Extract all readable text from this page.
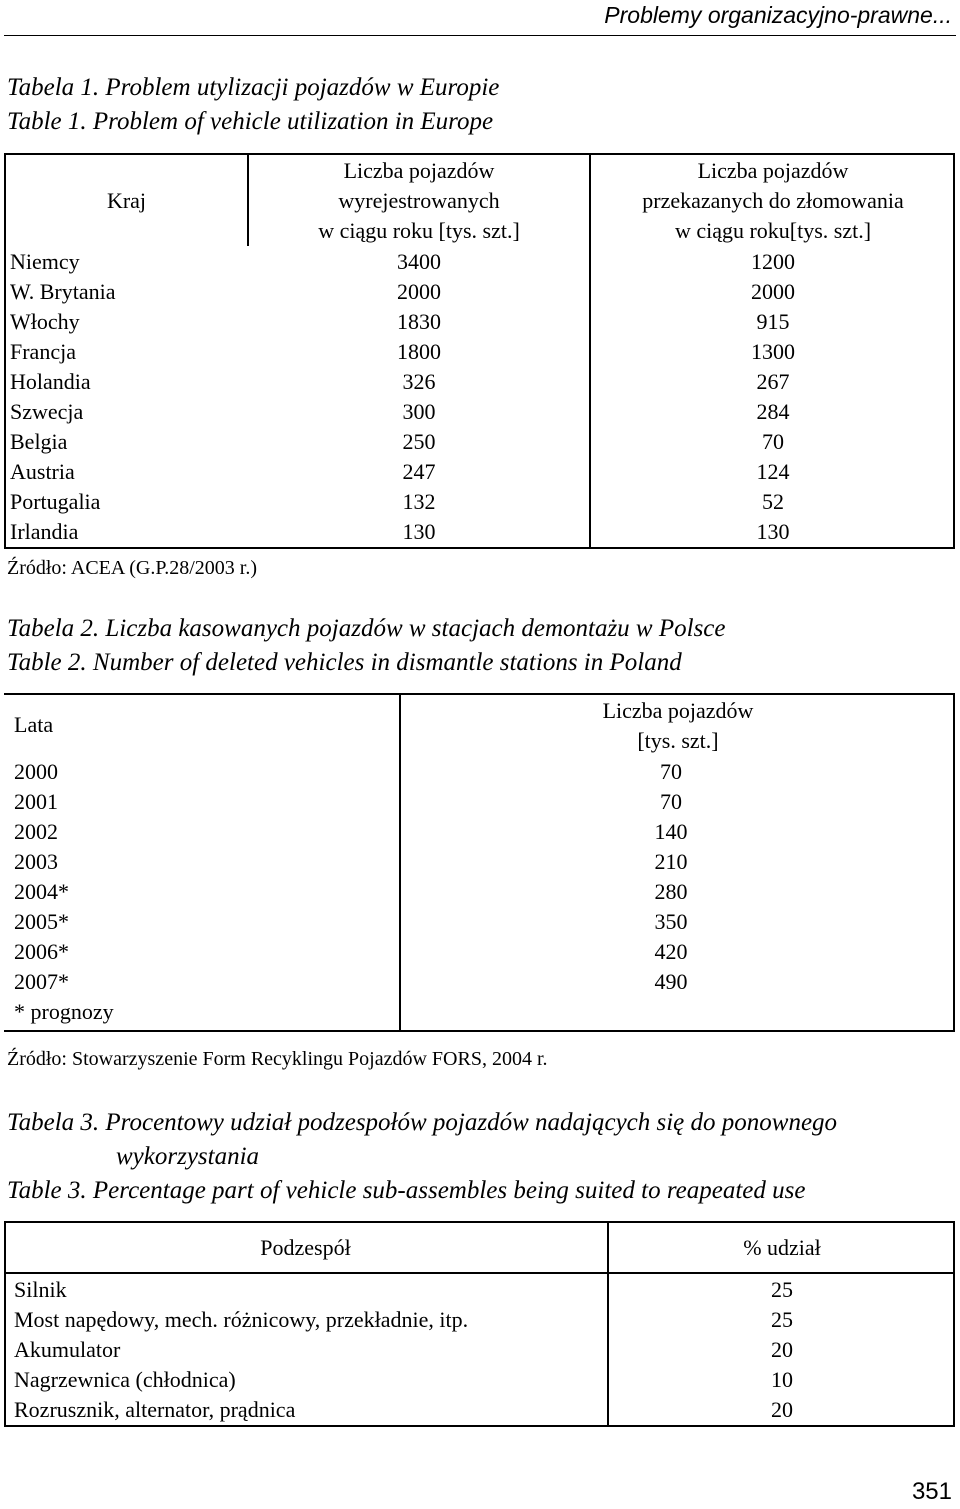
Problemy organizacyjno-prawne...
Tabela 1. Problem utylizacji pojazdów w Europie
Table 1. Problem of vehicle utilization in Europe
Kraj
Liczba pojazdów
wyrejestrowanych
w ciągu roku [tys. szt.]
Liczba pojazdów
przekazanych do złomowania
w ciągu roku[tys. szt.]
Niemcy
W. Brytania
Włochy
Francja
Holandia
Szwecja
Belgia
Austria
Portugalia
Irlandia
3400
2000
1830
1800
326
300
250
247
132
130
1200
2000
915
1300
267
284
70
124
52
130
Źródło: ACEA (G.P.28/2003 r.)
Tabela 2. Liczba kasowanych pojazdów w stacjach demontażu w Polsce
Table 2. Number of deleted vehicles in dismantle stations in Poland
Lata
Liczba pojazdów
[tys. szt.]
2000
2001
2002
2003
2004*
2005*
2006*
2007*
* prognozy
70
70
140
210
280
350
420
490
Źródło: Stowarzyszenie Form Recyklingu Pojazdów FORS, 2004 r.
Tabela 3. Procentowy udział podzespołów pojazdów nadających się do ponownego
wykorzystania
Table 3. Percentage part of vehicle sub-assembles being suited to reapeated use
Podzespół	% udział
Silnik
Most napędowy, mech. różnicowy, przekładnie, itp.
Akumulator
Nagrzewnica (chłodnica)
Rozrusznik, alternator, prądnica
25
25
20
10
20
351
